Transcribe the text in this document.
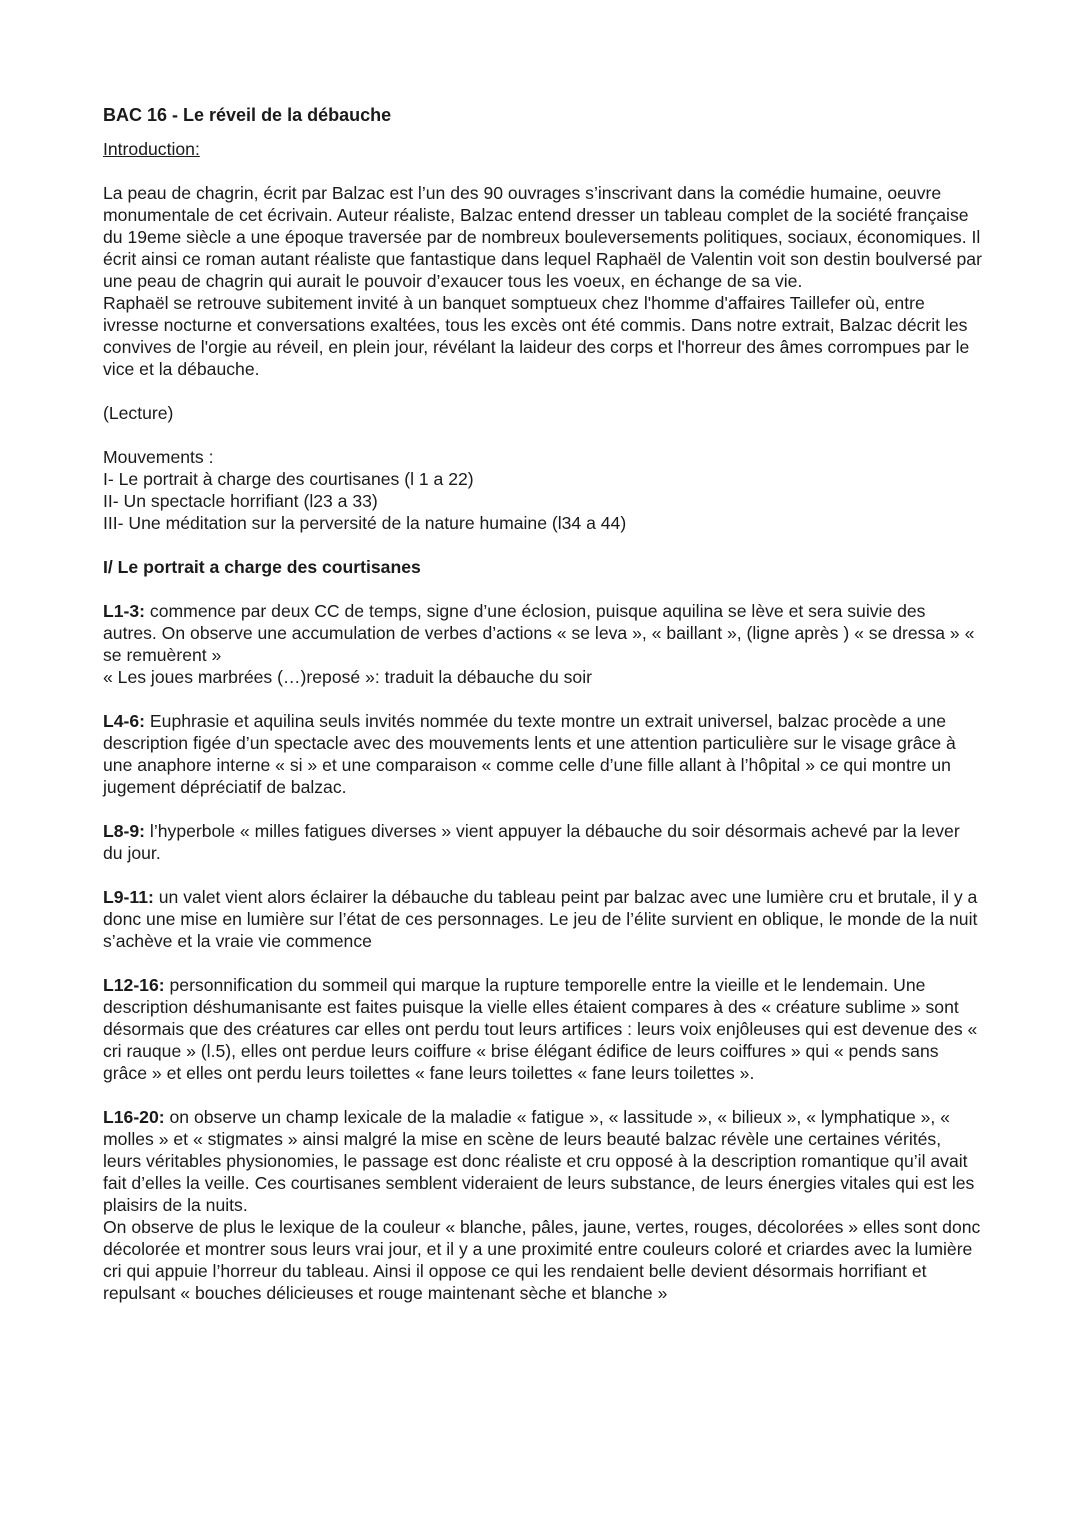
BAC 16 - Le réveil de la débauche
Introduction:

La peau de chagrin, écrit par Balzac est l’un des 90 ouvrages s’inscrivant dans la comédie humaine, oeuvre monumentale de cet écrivain. Auteur réaliste, Balzac entend dresser un tableau complet de la société française du 19eme siècle a une époque traversée par de nombreux bouleversements politiques, sociaux, économiques. Il écrit ainsi ce roman autant réaliste que fantastique dans lequel Raphaël de Valentin voit son destin boulversé par une peau de chagrin qui aurait le pouvoir d’exaucer tous les voeux, en échange de sa vie.

Raphaël se retrouve subitement invité à un banquet somptueux chez l'homme d'affaires Taillefer où, entre ivresse nocturne et conversations exaltées, tous les excès ont été commis. Dans notre extrait, Balzac décrit les convives de l'orgie au réveil, en plein jour, révélant la laideur des corps et l'horreur des âmes corrompues par le vice et la débauche.

(Lecture)

Mouvements :

I- Le portrait à charge des courtisanes (l 1 a 22)

II- Un spectacle horrifiant (l23 a 33)

III- Une méditation sur la perversité de la nature humaine (l34 a 44)

I/ Le portrait a charge des courtisanes

L1-3: commence par deux CC de temps, signe d’une éclosion, puisque aquilina se lève et sera suivie des autres. On observe une accumulation de verbes d’actions « se leva », « baillant », (ligne après ) « se dressa » « se remuèrent »

« Les joues marbrées (…)reposé »: traduit la débauche du soir

L4-6: Euphrasie et aquilina seuls invités nommée du texte montre un extrait universel, balzac procède a une description figée d’un spectacle avec des mouvements lents et une attention particulière sur le visage grâce à une anaphore interne « si » et une comparaison « comme celle d’une fille allant à l’hôpital » ce qui montre un jugement dépréciatif de balzac.

L8-9: l’hyperbole « milles fatigues diverses » vient appuyer la débauche du soir désormais achevé par la lever du jour.

L9-11: un valet vient alors éclairer la débauche du tableau peint par balzac avec une lumière cru et brutale, il y a donc une mise en lumière sur l’état de ces personnages. Le jeu de l’élite survient en oblique, le monde de la nuit s’achève et la vraie vie commence

L12-16: personnification du sommeil qui marque la rupture temporelle entre la vieille et le lendemain. Une description déshumanisante est faites puisque la vielle elles étaient compares à des « créature sublime » sont désormais que des créatures car elles ont perdu tout leurs artifices : leurs voix enjôleuses qui est devenue des « cri rauque » (l.5), elles ont perdue leurs coiffure « brise élégant édifice de leurs coiffures » qui « pends sans grâce » et elles ont perdu leurs toilettes « fane leurs toilettes « fane leurs toilettes ».

L16-20: on observe un champ lexicale de la maladie « fatigue », « lassitude », « bilieux », « lymphatique », « molles » et « stigmates » ainsi malgré la mise en scène de leurs beauté balzac révèle une certaines vérités, leurs véritables physionomies, le passage est donc réaliste et cru opposé à la description romantique qu’il avait fait d’elles la veille. Ces courtisanes semblent videraient de leurs substance, de leurs énergies vitales qui est les plaisirs de la nuits.

On observe de plus le lexique de la couleur « blanche, pâles, jaune, vertes, rouges, décolorées » elles sont donc décolorée et montrer sous leurs vrai jour, et il y a une proximité entre couleurs coloré et criardes avec la lumière cri qui appuie l’horreur du tableau. Ainsi il oppose ce qui les rendaient belle devient désormais horrifiant et repulsant « bouches délicieuses et rouge maintenant sèche et blanche »
